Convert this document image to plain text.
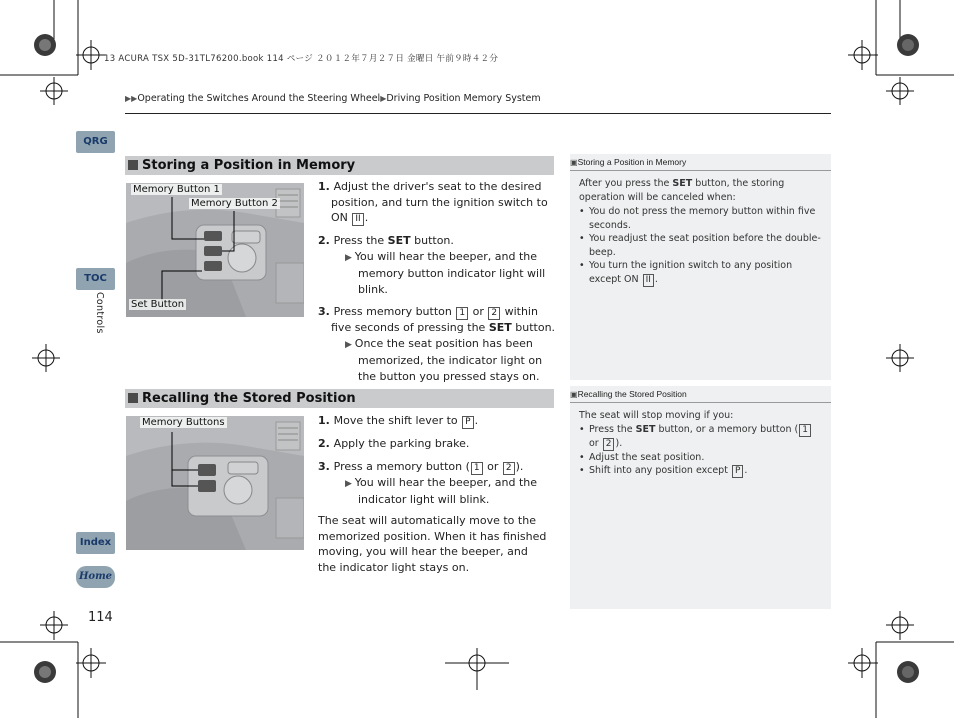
13 ACURA TSX 5D-31TL76200.book 114 ページ ２０１２年７月２７日 金曜日 午前９時４２分
▶▶Operating the Switches Around the Steering Wheel▶Driving Position Memory System
QRG
TOC
Controls
Index
Home
114
Storing a Position in Memory
Memory Button 1
Memory Button 2
Set Button
1. Adjust the driver's seat to the desired position, and turn the ignition switch to ON II .
2. Press the SET button.
▶ You will hear the beeper, and the memory button indicator light will blink.
3. Press memory button 1 or 2 within five seconds of pressing the SET button.
▶ Once the seat position has been memorized, the indicator light on the button you pressed stays on.
▣Storing a Position in Memory
After you press the SET button, the storing operation will be canceled when:
• You do not press the memory button within five seconds.
• You readjust the seat position before the double-beep.
• You turn the ignition switch to any position except ON II .
Recalling the Stored Position
Memory Buttons	1. Move the shift lever to P .
2. Apply the parking brake.
3. Press a memory button ( 1 or 2 ).
▶ You will hear the beeper, and the indicator light will blink.
The seat will automatically move to the memorized position. When it has finished moving, you will hear the beeper, and the indicator light stays on.
▣Recalling the Stored Position
The seat will stop moving if you:
• Press the SET button, or a memory button ( 1 or 2 ).
• Adjust the seat position.
• Shift into any position except P .
